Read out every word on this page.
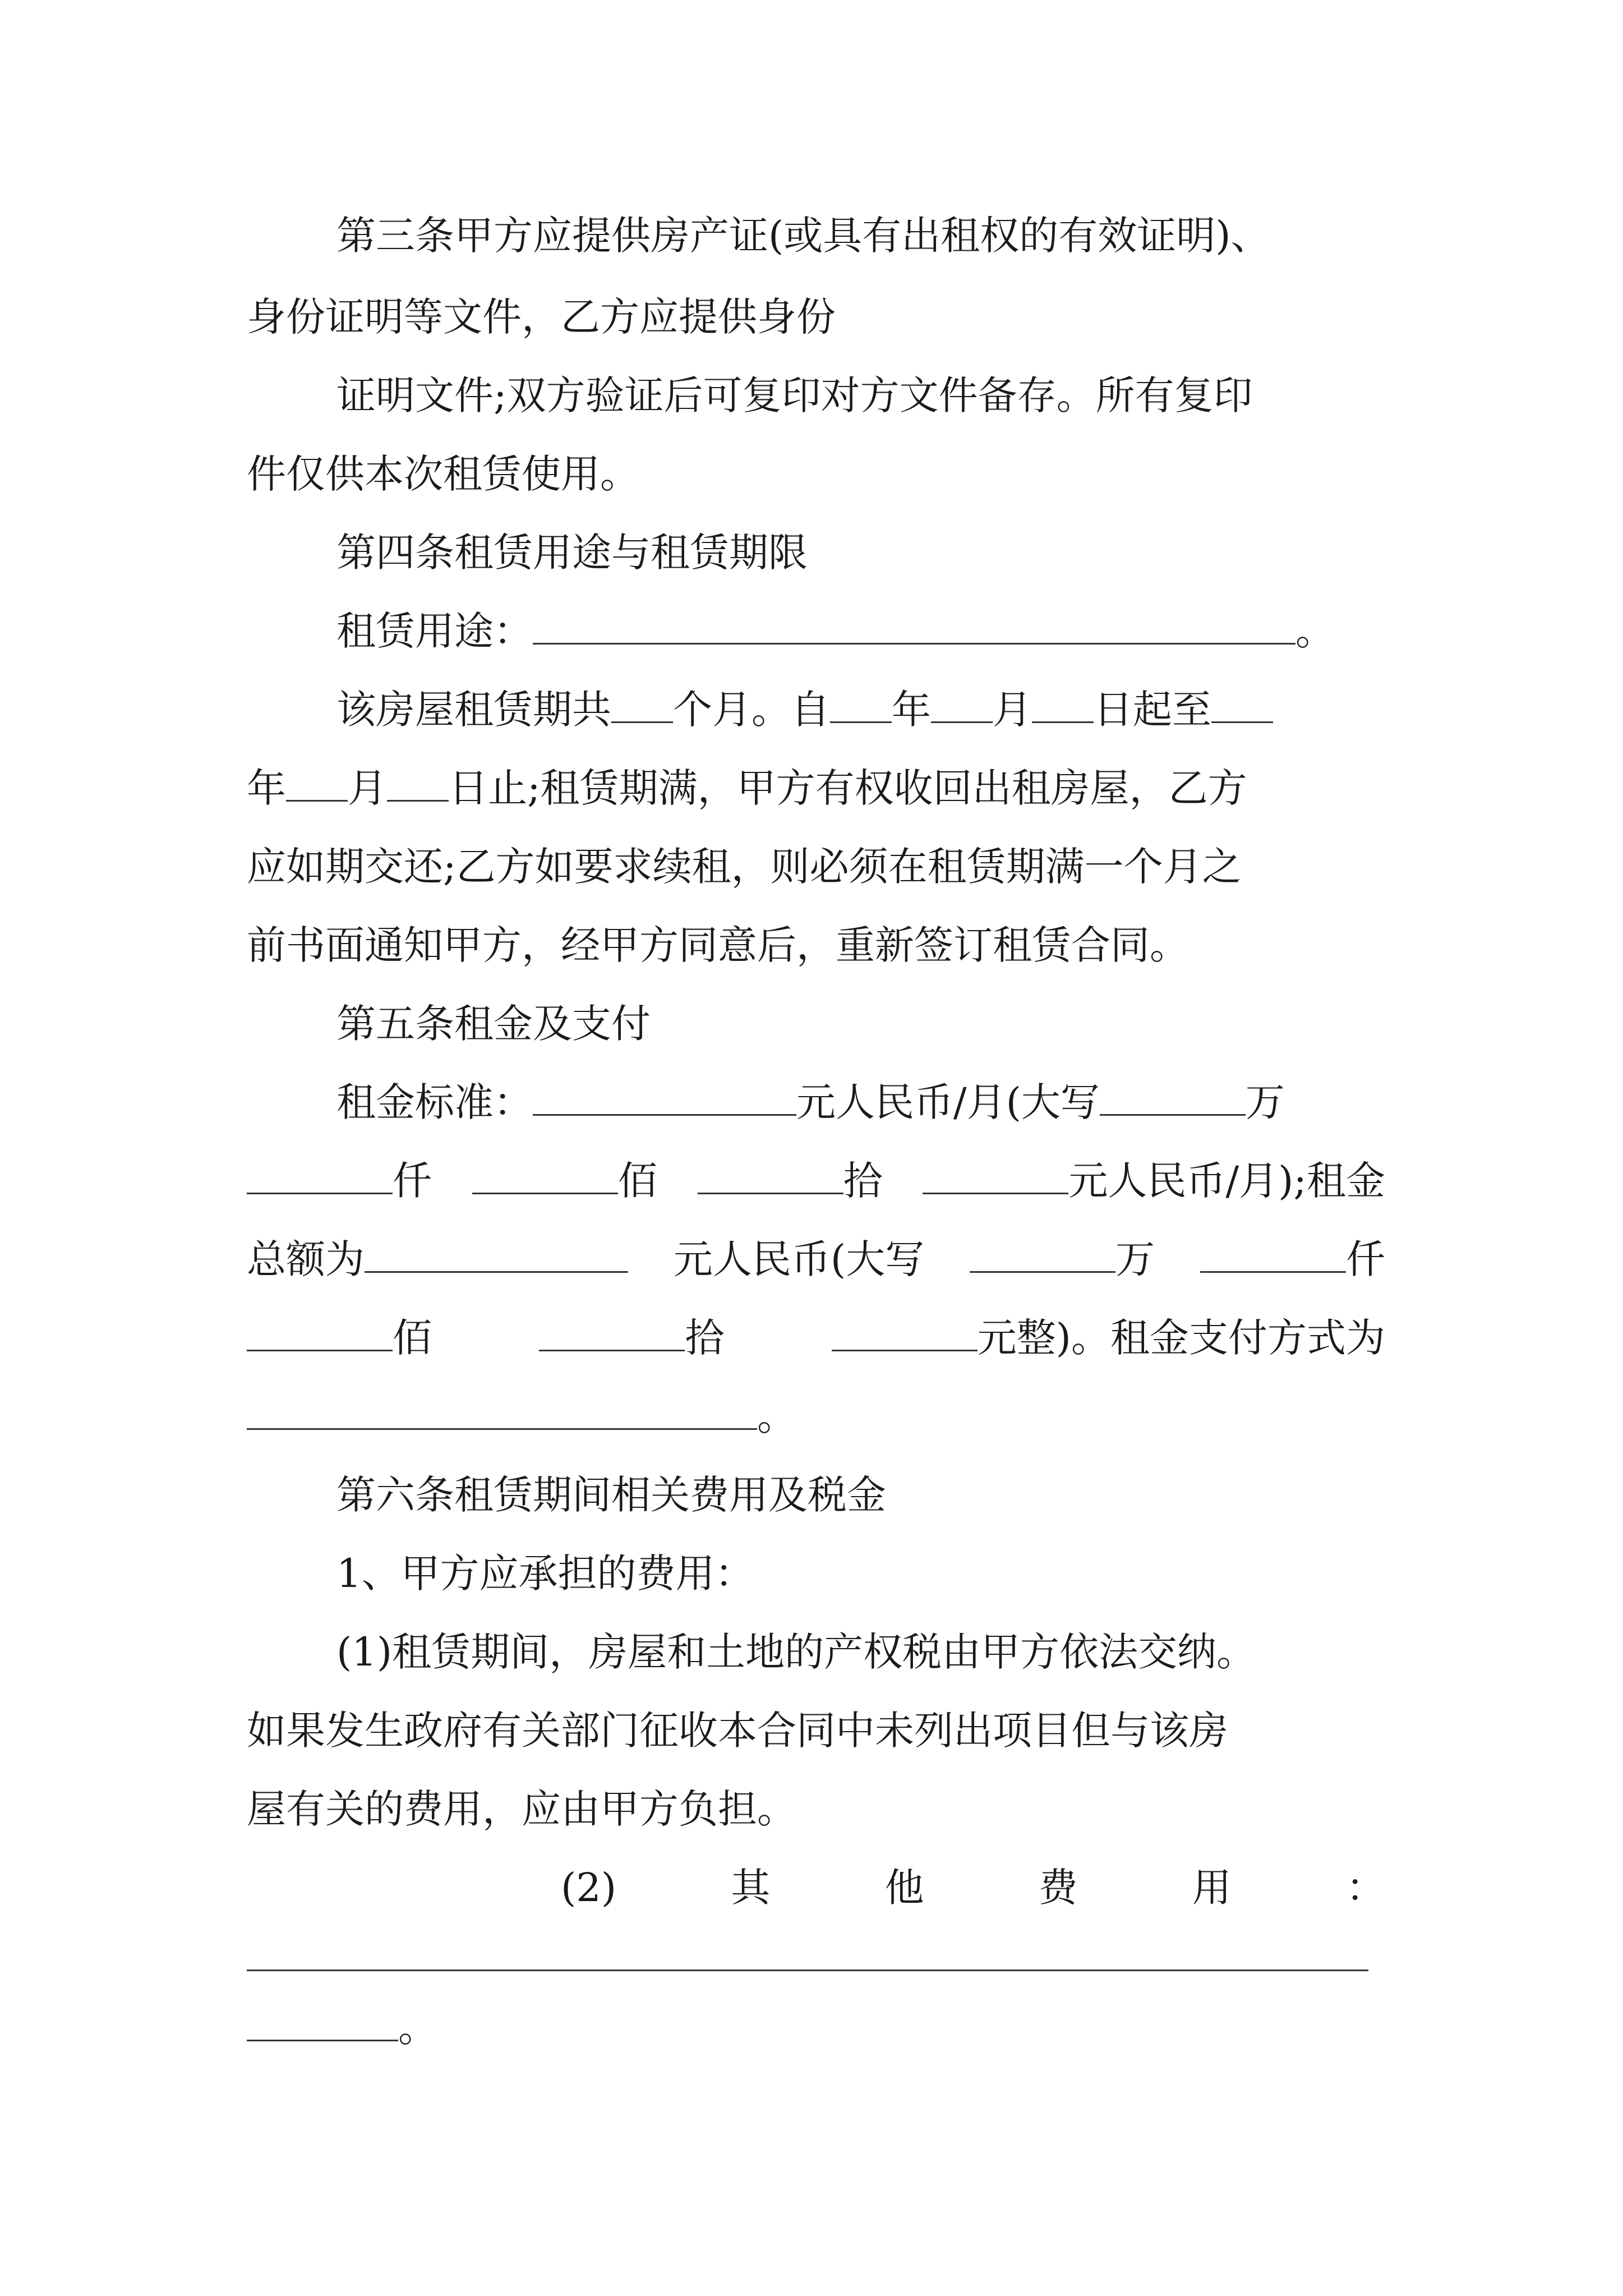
第三条甲方应提供房产证(或具有出租权的有效证明)、
身份证明等文件，乙方应提供身份
证明文件;双方验证后可复印对方文件备存。所有复印
件仅供本次租赁使用。
第四条租赁用途与租赁期限
租赁用途：	。
该房屋租赁期共 个月。自 年 月 日起至
年 月 日止;租赁期满，甲方有权收回出租房屋，乙方
应如期交还;乙方如要求续租，则必须在租赁期满一个月之
前书面通知甲方，经甲方同意后，重新签订租赁合同。
第五条租金及支付
租金标准：	元人民币/月(大写	万
仟	佰	拾	元人民币/月);租金
总额为	元人民币(大写	万	仟
佰	拾	元整)。租金支付方式为
。
第六条租赁期间相关费用及税金
1、甲方应承担的费用：
(1)租赁期间，房屋和土地的产权税由甲方依法交纳。
如果发生政府有关部门征收本合同中未列出项目但与该房
屋有关的费用，应由甲方负担。
(2)	其	他	费	用	：
。
